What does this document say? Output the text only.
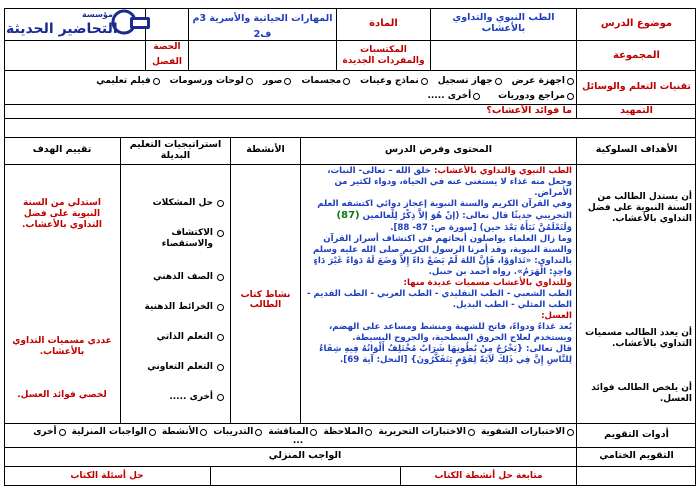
مؤسسة
التحاضير الحديثة	موضوع الدرس
المجموعة
الطب النبوي والتداوي بالأعشاب
المادة
المكتسبات والمفردات الجديدة
المهارات الحياتية والأسرية 3م
ف2
الحصة
الفصل
تقنيات التعلم والوسائل
اجهزة عرض
جهاز تسجيل
نماذج وعينات
مجسمات
صور
لوحات ورسومات
فيلم تعليمي
مراجع ودوريات
أخرى .....
التمهيد
ما فوائد الأعشاب؟
الأهداف السلوكية
المحتوى وفرض الدرس
الأنشطة
استراتيجيات التعليم البديلة
تقييم الهدف
أن يستدل الطالب من السنة النبوية على فضل التداوي بالأعشاب.
أن يعدد الطالب مسميات التداوي بالأعشاب.
أن يلخص الطالب فوائد العسل.

الطب النبوي والتداوي بالأعشاب: خلق الله – تعالى- النبات، وجعل منه غذاء لا يستغنى عنه في الحياة، ودواء لكثير من الأمراض.

وفي القرآن الكريم والسنة النبوية إعجاز دوائي اكتشفه العلم التجريبي حديثًا قال تعالى: (إنْ هُوَ إلاَّ ذِكْرٌ لِلْعالمين (87) وَلَتَعْلَمُنَّ نَبَأَهُ بَعْدَ حين) [سورة ص: 87- 88].

وما زال العلماء يواصلون أبحاثهم في اكتشاف أسرار القرآن والسنة النبوية، وقد أمرنا الرسول الكريم صلى الله عليه وسلم بالتداوي: «تَدَاوَوْا، فَإِنَّ اللهَ لَمْ يَضَعْ دَاءً إِلاَّ وَضَعَ لَهُ دَوَاءً غَيْرَ دَاءٍ وَاحِدٍ: الْهَرَمُ». رواه احمد بن حنبل.

وللتداوي بالأعشاب مسميات عديدة منها:

الطب الشعبي - الطب التقليدي - الطب العربي - الطب القديم - الطب المثلي - الطب البديل.

العسل:

يُعد غذاءً ودواءً، فاتح للشهية ومنشط ومساعد على الهضم، ويستخدم لعلاج الحروق السطحية، والجروح البسيطة.

قال تعالى: {يَخْرُجُ مِنْ بُطُونِهَا شَرَابٌ مُخْتَلِفٌ أَلْوَانُهُ فِيهِ شِفَاءٌ لِلنَّاسِ إِنَّ فِي ذَلِكَ لَآيَةً لِقَوْمٍ يَتَفَكَّرُونَ} [النحل: آية 69].

نشاط كتاب الطالب
حل المشكلات
الاكتشاف والاستقصاء
الصف الذهني
الخرائط الذهنية
التعلم الذاتي
التعلم التعاوني
أخرى .....
استدلي من السنة النبوية على فضل التداوي بالأعشاب.
عددي مسميات التداوي بالأعشاب.
لخصي فوائد العسل.
أدوات التقويم
الاختبارات الشفوية
الاختبارات التحريرية
الملاحظة
المناقشة
التدريبات
الأنشطة
الواجبات المنزلية
أخرى
...
التقويم الختامي
الواجب المنزلي
متابعة حل أنشطة الكتاب
حل أسئلة الكتاب
